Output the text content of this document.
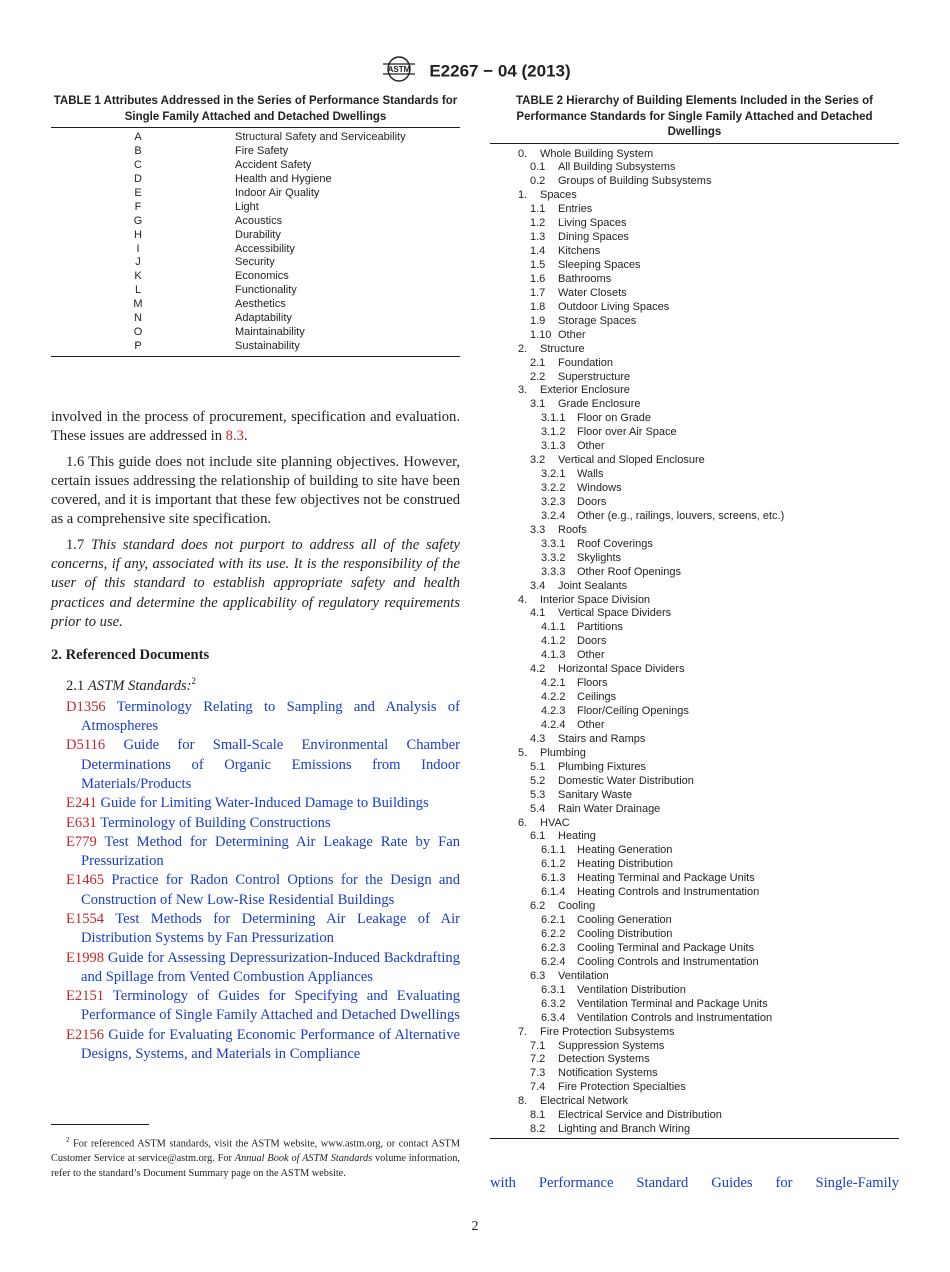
ASTM E2267 − 04 (2013)
TABLE 1 Attributes Addressed in the Series of Performance Standards for Single Family Attached and Detached Dwellings
A	Structural Safety and Serviceability
B	Fire Safety
C	Accident Safety
D	Health and Hygiene
E	Indoor Air Quality
F	Light
G	Acoustics
H	Durability
I	Accessibility
J	Security
K	Economics
L	Functionality
M	Aesthetics
N	Adaptability
O	Maintainability
P	Sustainability

involved in the process of procurement, specification and evaluation. These issues are addressed in 8.3.

1.6 This guide does not include site planning objectives. However, certain issues addressing the relationship of building to site have been covered, and it is important that these few objectives not be construed as a comprehensive site specification.

1.7 This standard does not purport to address all of the safety concerns, if any, associated with its use. It is the responsibility of the user of this standard to establish appropriate safety and health practices and determine the applicability of regulatory requirements prior to use.

2. Referenced Documents

2.1 ASTM Standards:$^2$

D1356 Terminology Relating to Sampling and Analysis of Atmospheres

D5116 Guide for Small-Scale Environmental Chamber Determinations of Organic Emissions from Indoor Materials/Products

E241 Guide for Limiting Water-Induced Damage to Buildings

E631 Terminology of Building Constructions

E779 Test Method for Determining Air Leakage Rate by Fan Pressurization

E1465 Practice for Radon Control Options for the Design and Construction of New Low-Rise Residential Buildings

E1554 Test Methods for Determining Air Leakage of Air Distribution Systems by Fan Pressurization

E1998 Guide for Assessing Depressurization-Induced Backdrafting and Spillage from Vented Combustion Appliances

E2151 Terminology of Guides for Specifying and Evaluating Performance of Single Family Attached and Detached Dwellings

E2156 Guide for Evaluating Economic Performance of Alternative Designs, Systems, and Materials in Compliance

$^2$ For referenced ASTM standards, visit the ASTM website, www.astm.org, or contact ASTM Customer Service at service@astm.org. For Annual Book of ASTM Standards volume information, refer to the standard’s Document Summary page on the ASTM website.
TABLE 2 Hierarchy of Building Elements Included in the Series of Performance Standards for Single Family Attached and Detached Dwellings
0. Whole Building System
0.1 All Building Subsystems
0.2 Groups of Building Subsystems
1. Spaces
1.1 Entries
1.2 Living Spaces
1.3 Dining Spaces
1.4 Kitchens
1.5 Sleeping Spaces
1.6 Bathrooms
1.7 Water Closets
1.8 Outdoor Living Spaces
1.9 Storage Spaces
1.10 Other
2. Structure
2.1 Foundation
2.2 Superstructure
3. Exterior Enclosure
3.1 Grade Enclosure
3.1.1 Floor on Grade
3.1.2 Floor over Air Space
3.1.3 Other
3.2 Vertical and Sloped Enclosure
3.2.1 Walls
3.2.2 Windows
3.2.3 Doors
3.2.4 Other (e.g., railings, louvers, screens, etc.)
3.3 Roofs
3.3.1 Roof Coverings
3.3.2 Skylights
3.3.3 Other Roof Openings
3.4 Joint Sealants
4. Interior Space Division
4.1 Vertical Space Dividers
4.1.1 Partitions
4.1.2 Doors
4.1.3 Other
4.2 Horizontal Space Dividers
4.2.1 Floors
4.2.2 Ceilings
4.2.3 Floor/Ceiling Openings
4.2.4 Other
4.3 Stairs and Ramps
5. Plumbing
5.1 Plumbing Fixtures
5.2 Domestic Water Distribution
5.3 Sanitary Waste
5.4 Rain Water Drainage
6. HVAC
6.1 Heating
6.1.1 Heating Generation
6.1.2 Heating Distribution
6.1.3 Heating Terminal and Package Units
6.1.4 Heating Controls and Instrumentation
6.2 Cooling
6.2.1 Cooling Generation
6.2.2 Cooling Distribution
6.2.3 Cooling Terminal and Package Units
6.2.4 Cooling Controls and Instrumentation
6.3 Ventilation
6.3.1 Ventilation Distribution
6.3.2 Ventilation Terminal and Package Units
6.3.4 Ventilation Controls and Instrumentation
7. Fire Protection Subsystems
7.1 Suppression Systems
7.2 Detection Systems
7.3 Notification Systems
7.4 Fire Protection Specialties
8. Electrical Network
8.1 Electrical Service and Distribution
8.2 Lighting and Branch Wiring
with Performance Standard Guides for Single-Family
2
